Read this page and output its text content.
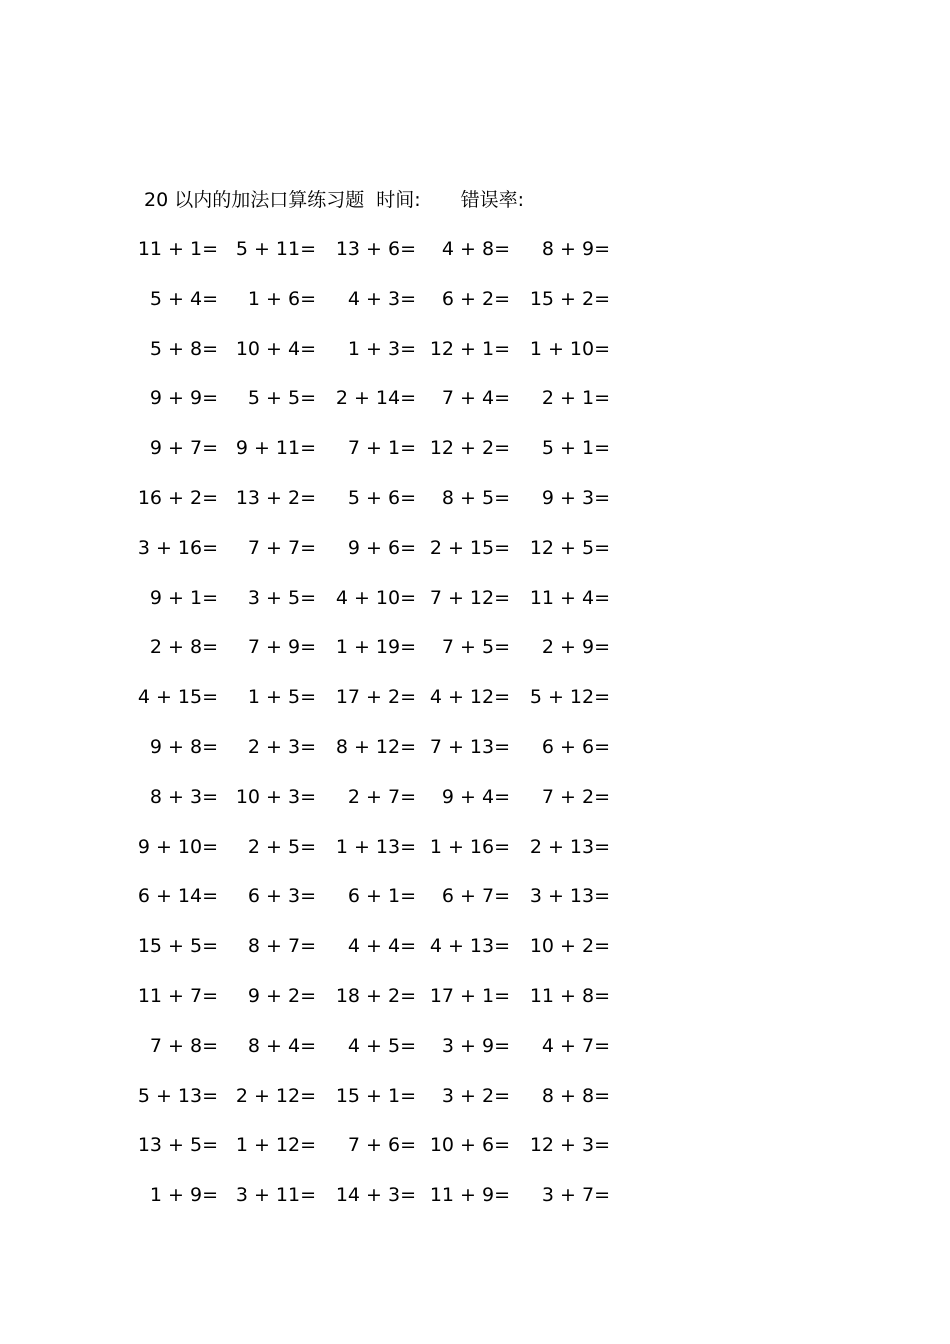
20 以内的加法口算练习题 时间: 错误率:
11 + 1= 5 + 11= 13 + 6= 4 + 8= 8 + 9=
5 + 4= 1 + 6= 4 + 3= 6 + 2= 15 + 2=
5 + 8= 10 + 4= 1 + 3= 12 + 1= 1 + 10=
9 + 9= 5 + 5= 2 + 14= 7 + 4= 2 + 1=
9 + 7= 9 + 11= 7 + 1= 12 + 2= 5 + 1=
16 + 2= 13 + 2= 5 + 6= 8 + 5= 9 + 3=
3 + 16= 7 + 7= 9 + 6= 2 + 15= 12 + 5=
9 + 1= 3 + 5= 4 + 10= 7 + 12= 11 + 4=
2 + 8= 7 + 9= 1 + 19= 7 + 5= 2 + 9=
4 + 15= 1 + 5= 17 + 2= 4 + 12= 5 + 12=
9 + 8= 2 + 3= 8 + 12= 7 + 13= 6 + 6=
8 + 3= 10 + 3= 2 + 7= 9 + 4= 7 + 2=
9 + 10= 2 + 5= 1 + 13= 1 + 16= 2 + 13=
6 + 14= 6 + 3= 6 + 1= 6 + 7= 3 + 13=
15 + 5= 8 + 7= 4 + 4= 4 + 13= 10 + 2=
11 + 7= 9 + 2= 18 + 2= 17 + 1= 11 + 8=
7 + 8= 8 + 4= 4 + 5= 3 + 9= 4 + 7=
5 + 13= 2 + 12= 15 + 1= 3 + 2= 8 + 8=
13 + 5= 1 + 12= 7 + 6= 10 + 6= 12 + 3=
1 + 9= 3 + 11= 14 + 3= 11 + 9= 3 + 7=
